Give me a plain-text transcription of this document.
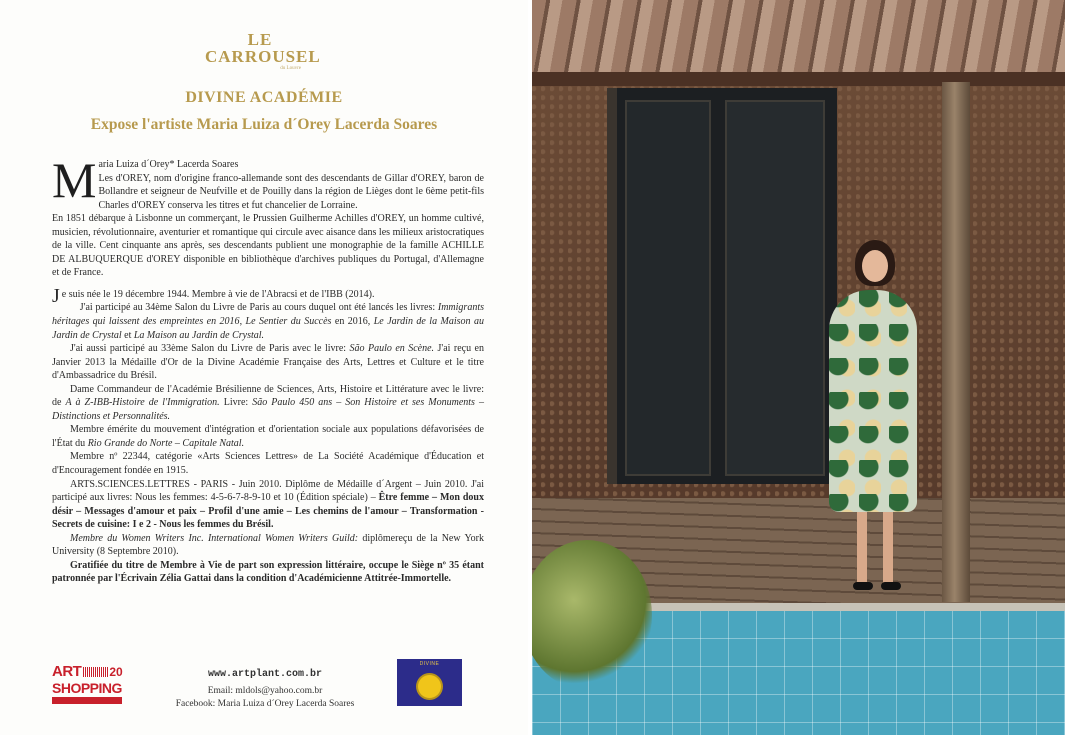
LE
CARROUSEL
du Louvre
DIVINE ACADÉMIE
Expose l'artiste Maria Luiza d´Orey Lacerda Soares

Maria Luiza d´Orey* Lacerda Soares

Les d'OREY, nom d'origine franco-allemande sont des descendants de Gillar d'OREY, baron de Bollandre et seigneur de Neufville et de Pouilly dans la région de Lièges dont le 6ème petit-fils Charles d'OREY conserva les titres et fut chancelier de Lorraine.

En 1851 débarque à Lisbonne un commerçant, le Prussien Guilherme Achilles d'OREY, un homme cultivé, musicien, révolutionnaire, aventurier et romantique qui circule avec aisance dans les milieux aristocratiques de la ville. Cent cinquante ans après, ses descendants publient une monographie de la famille ACHILLE DE ALBUQUERQUE d'OREY disponible en bibliothèque d'archives publiques du Portugal, d'Allemagne et de France.

Je suis née le 19 décembre 1944. Membre à vie de l'Abracsi et de l'IBB (2014).

J'ai participé au 34ème Salon du Livre de Paris au cours duquel ont été lancés les livres: Immigrants héritages qui laissent des empreintes en 2016, Le Sentier du Succès en 2016, Le Jardin de la Maison au Jardin de Crystal et La Maison au Jardin de Crystal.

J'ai aussi participé au 33ème Salon du Livre de Paris avec le livre: São Paulo en Scène. J'ai reçu en Janvier 2013 la Médaille d'Or de la Divine Académie Française des Arts, Lettres et Culture et le titre d'Ambassadrice du Brésil.

Dame Commandeur de l'Académie Brésilienne de Sciences, Arts, Histoire et Littérature avec le livre: de A à Z-IBB-Histoire de l'Immigration. Livre: São Paulo 450 ans – Son Histoire et ses Monuments – Distinctions et Personnalités.

Membre émérite du mouvement d'intégration et d'orientation sociale aux populations défavorisées de l'État du Rio Grande do Norte – Capitale Natal.

Membre nº 22344, catégorie «Arts Sciences Lettres» de La Société Académique d'Éducation et d'Encouragement fondée en 1915.

ARTS.SCIENCES.LETTRES - PARIS - Juin 2010. Diplôme de Médaille d´Argent – Juin 2010. J'ai participé aux livres: Nous les femmes: 4-5-6-7-8-9-10 et 10 (Édition spéciale) – Être femme – Mon doux désir – Messages d'amour et paix – Profil d'une amie – Les chemins de l'amour – Transformation - Secrets de cuisine: I e 2 - Nous les femmes du Brésil.

Membre du Women Writers Inc. International Women Writers Guild: diplômereçu de la New York University (8 Septembre 2010).

Gratifiée du titre de Membre à Vie de part son expression littéraire, occupe le Siège nº 35 étant patronnée par l'Écrivain Zélia Gattai dans la condition d'Académicienne Attitrée-Immortelle.

ART 20
SHOPPING
www.artplant.com.br
Email: mldols@yahoo.com.br
Facebook: Maria Luiza d´Orey Lacerda Soares
DIVINE
